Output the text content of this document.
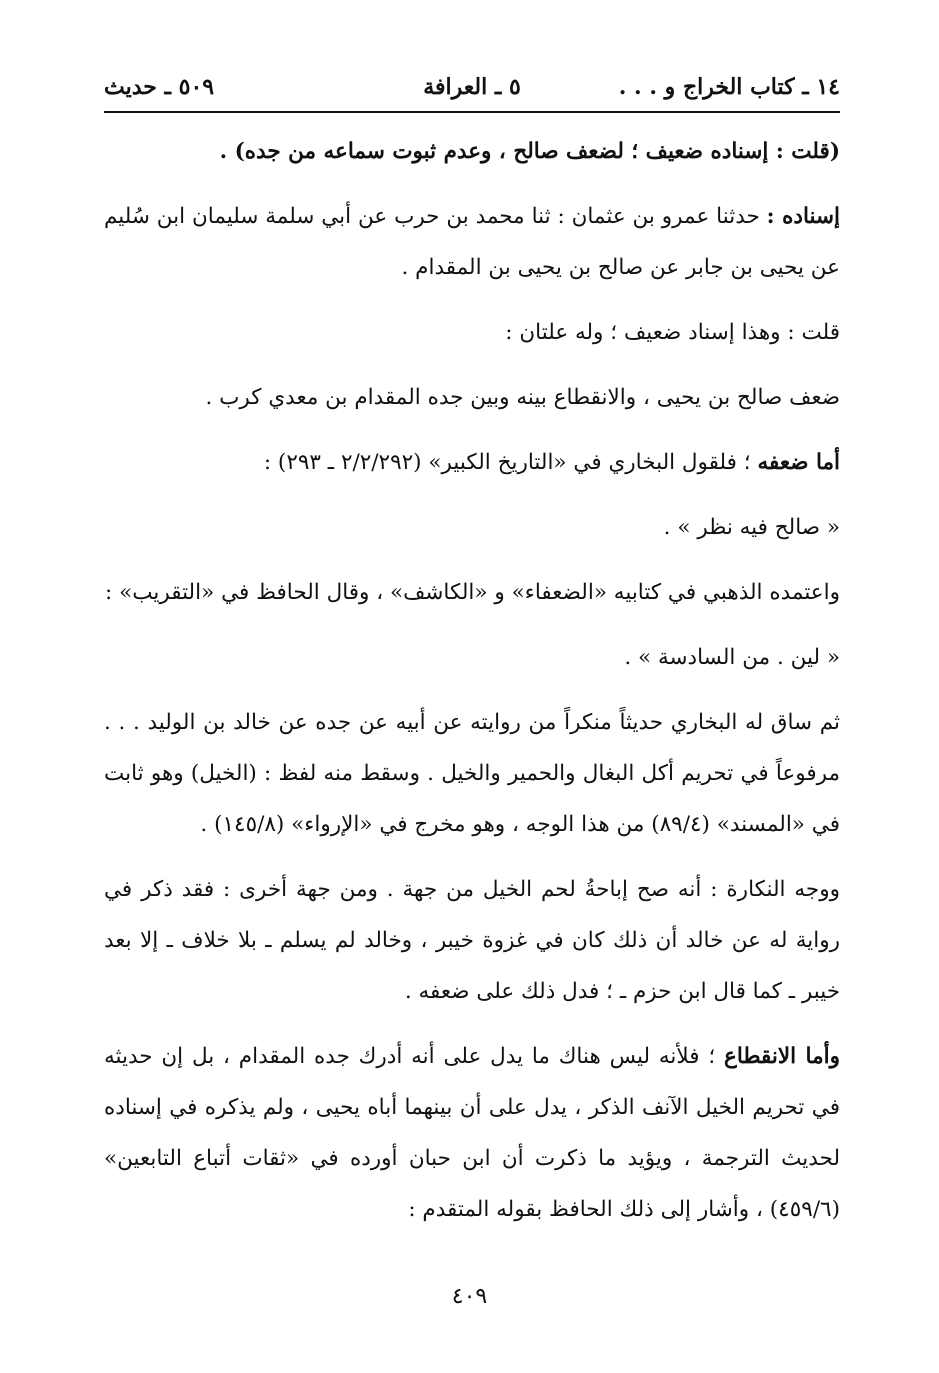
١٤ ـ كتاب الخراج و . . .
٥ ـ العرافة
٥٠٩ ـ حديث

(قلت : إسناده ضعيف ؛ لضعف صالح ، وعدم ثبوت سماعه من جده) .

إسناده : حدثنا عمرو بن عثمان : ثنا محمد بن حرب عن أبي سلمة سليمان ابن سُليم عن يحيى بن جابر عن صالح بن يحيى بن المقدام .

قلت : وهذا إسناد ضعيف ؛ وله علتان :

ضعف صالح بن يحيى ، والانقطاع بينه وبين جده المقدام بن معدي كرب .

أما ضعفه ؛ فلقول البخاري في «التاريخ الكبير» (٢/٢/٢٩٢ ـ ٢٩٣) :

« صالح فيه نظر » .

واعتمده الذهبي في كتابيه «الضعفاء» و «الكاشف» ، وقال الحافظ في «التقريب» :

« لين . من السادسة » .

ثم ساق له البخاري حديثاً منكراً من روايته عن أبيه عن جده عن خالد بن الوليد . . . مرفوعاً في تحريم أكل البغال والحمير والخيل . وسقط منه لفظ : (الخيل) وهو ثابت في «المسند» (٨٩/٤) من هذا الوجه ، وهو مخرج في «الإرواء» (١٤٥/٨) .

ووجه النكارة : أنه صح إباحةُ لحم الخيل من جهة . ومن جهة أخرى : فقد ذكر في رواية له عن خالد أن ذلك كان في غزوة خيبر ، وخالد لم يسلم ـ بلا خلاف ـ إلا بعد خيبر ـ كما قال ابن حزم ـ ؛ فدل ذلك على ضعفه .

وأما الانقطاع ؛ فلأنه ليس هناك ما يدل على أنه أدرك جده المقدام ، بل إن حديثه في تحريم الخيل الآنف الذكر ، يدل على أن بينهما أباه يحيى ، ولم يذكره في إسناده لحديث الترجمة ، ويؤيد ما ذكرت أن ابن حبان أورده في «ثقات أتباع التابعين» (٤٥٩/٦) ، وأشار إلى ذلك الحافظ بقوله المتقدم :

٤٠٩
